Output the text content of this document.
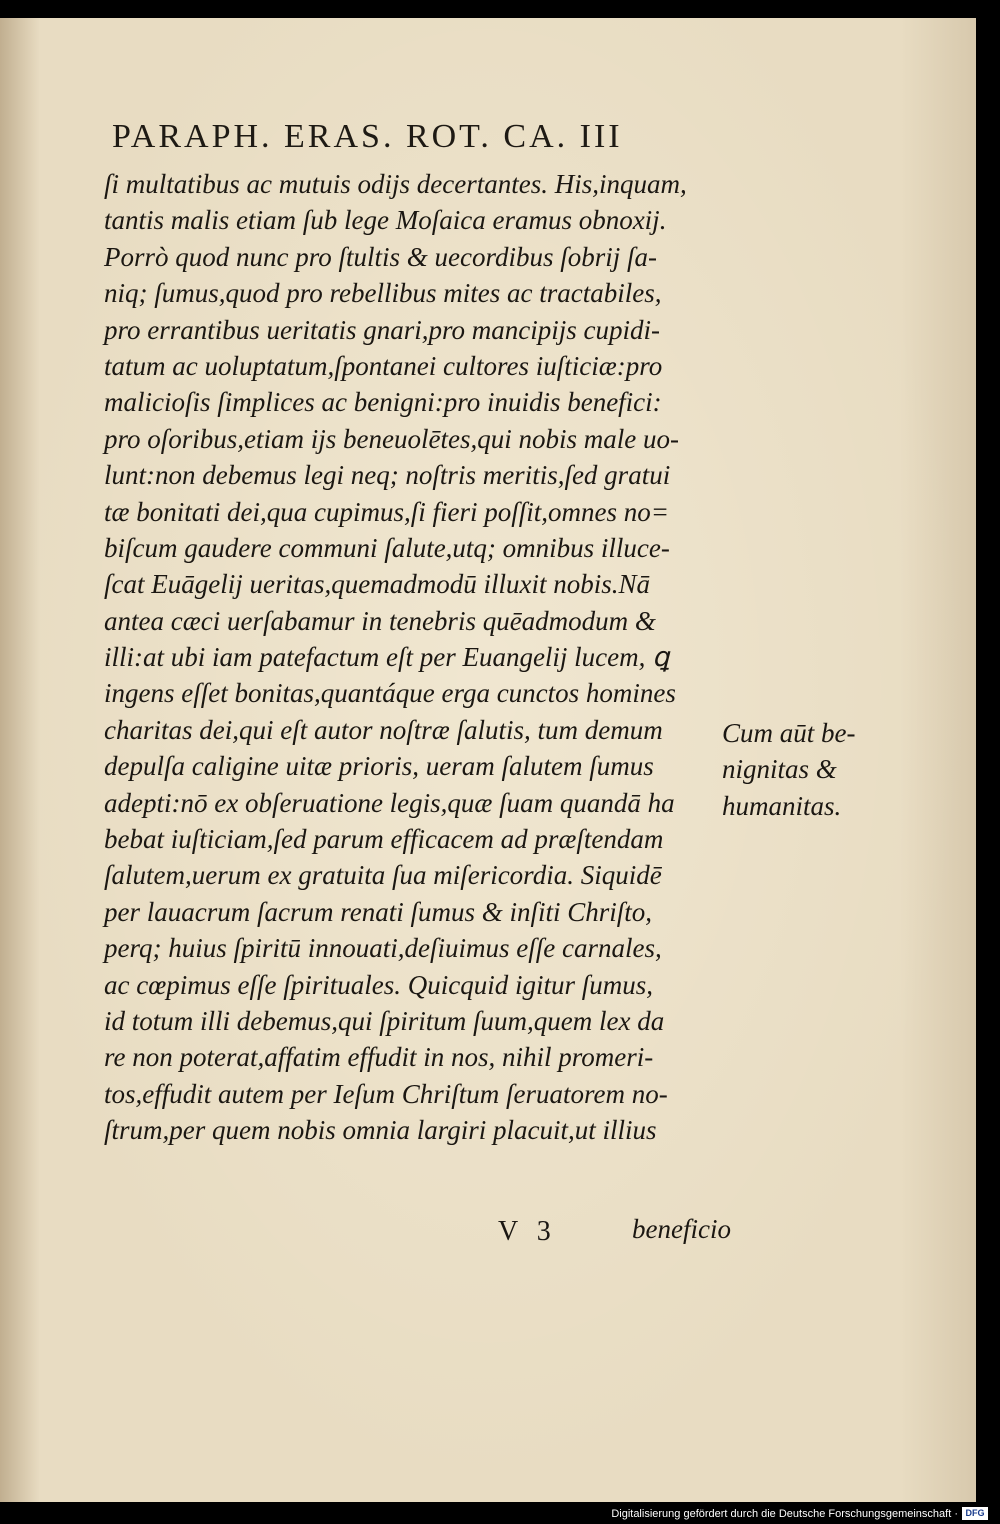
PARAPH. ERAS. ROT. CA. III
ſi multatibus ac mutuis odijs decertantes. His,inquam,
tantis malis etiam ſub lege Moſaica eramus obnoxij.
Porrò quod nunc pro ſtultis & uecordibus ſobrij ſa-
niq; ſumus,quod pro rebellibus mites ac tractabiles,
pro errantibus ueritatis gnari,pro mancipijs cupidi-
tatum ac uoluptatum,ſpontanei cultores iuſticiæ:pro
malicioſis ſimplices ac benigni:pro inuidis benefici:
pro oſoribus,etiam ijs beneuolētes,qui nobis male uo-
lunt:non debemus legi neq; noſtris meritis,ſed gratui
tæ bonitati dei,qua cupimus,ſi fieri poſſit,omnes no=
biſcum gaudere communi ſalute,utq; omnibus illuce-
ſcat Euāgelij ueritas,quemadmodū illuxit nobis.Nā
antea cæci uerſabamur in tenebris quēadmodum &
illi:at ubi iam patefactum eſt per Euangelij lucem, ꝗ
ingens eſſet bonitas,quantáque erga cunctos homines
charitas dei,qui eſt autor noſtræ ſalutis, tum demum
depulſa caligine uitæ prioris, ueram ſalutem ſumus
adepti:nō ex obſeruatione legis,quæ ſuam quandā ha
bebat iuſticiam,ſed parum efficacem ad præſtendam
ſalutem,uerum ex gratuita ſua miſericordia. Siquidē
per lauacrum ſacrum renati ſumus & inſiti Chriſto,
perq; huius ſpiritū innouati,deſiuimus eſſe carnales,
ac cœpimus eſſe ſpirituales. Quicquid igitur ſumus,
id totum illi debemus,qui ſpiritum ſuum,quem lex da
re non poterat,affatim effudit in nos, nihil promeri-
tos,effudit autem per Ieſum Chriſtum ſeruatorem no-
ſtrum,per quem nobis omnia largiri placuit,ut illius
Cum aūt be-
nignitas &
humanitas.
V 3	beneficio
Digitalisierung gefördert durch die Deutsche Forschungsgemeinschaft · DFG
